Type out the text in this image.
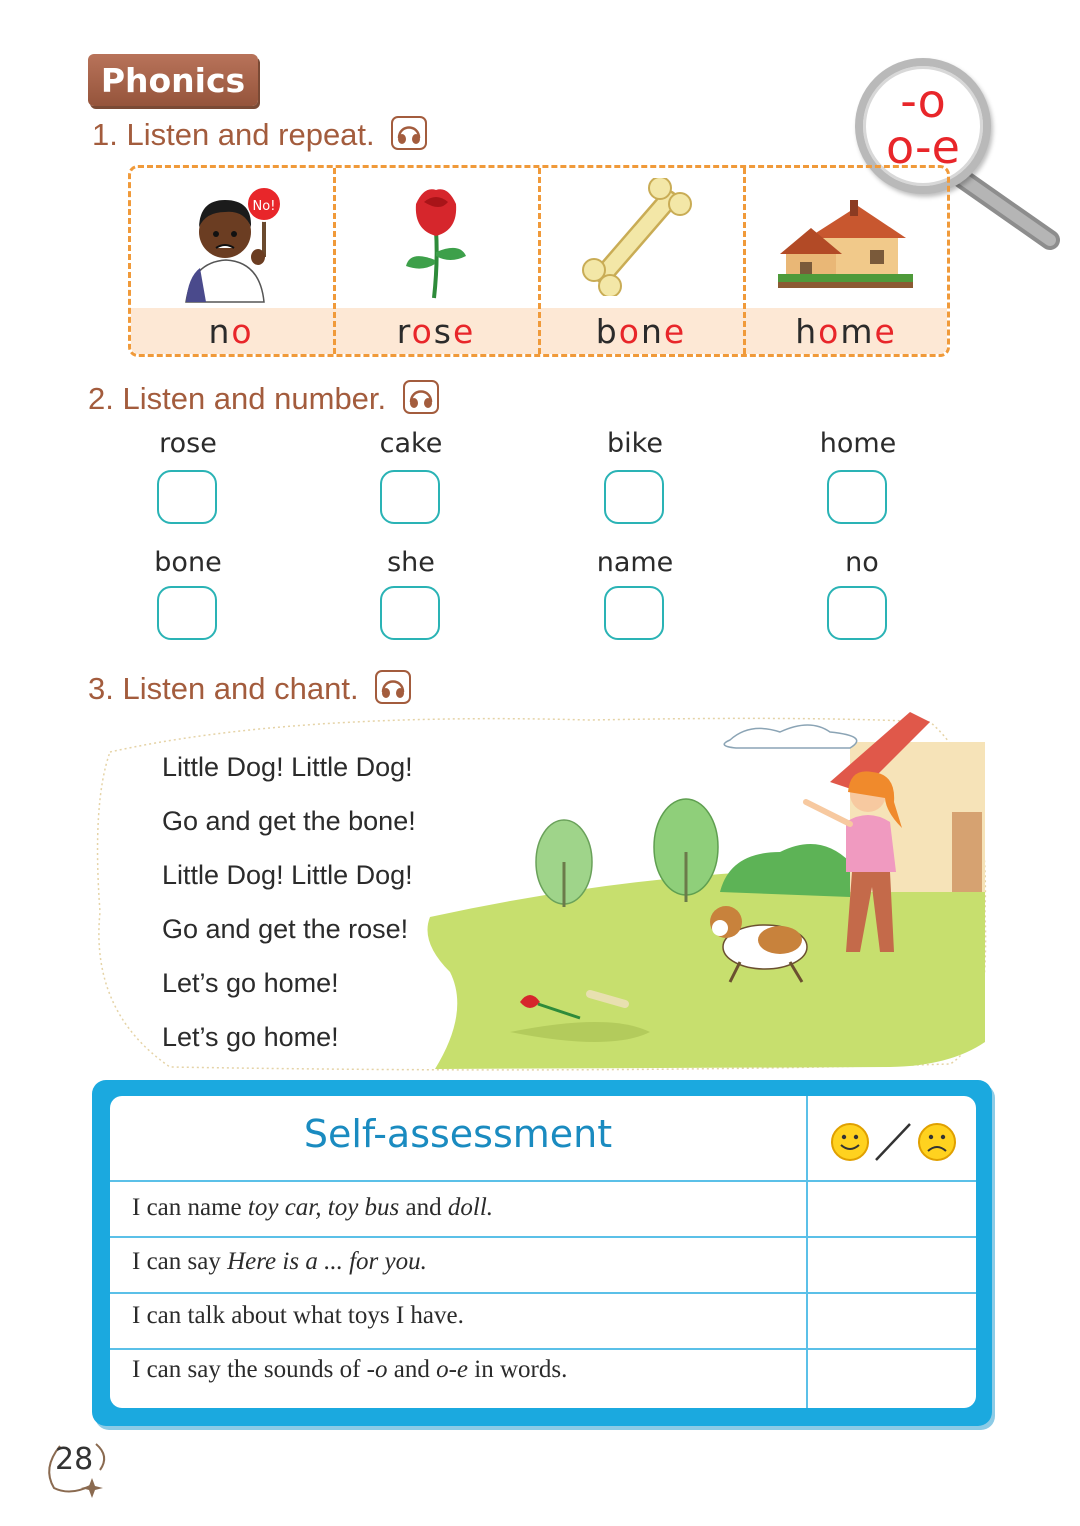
Phonics
1. Listen and repeat.
-o
o-e
No!
no	rose	bone	home
2. Listen and number.
rose	cake	bike	home
bone	she	name	no
3. Listen and chant.
Little Dog! Little Dog!
Go and get the bone!
Little Dog! Little Dog!
Go and get the rose!
Let’s go home!
Let’s go home!
Self-assessment
I can name toy car, toy bus and doll.
I can say Here is a ... for you.
I can talk about what toys I have.
I can say the sounds of -o and o-e in words.
28
